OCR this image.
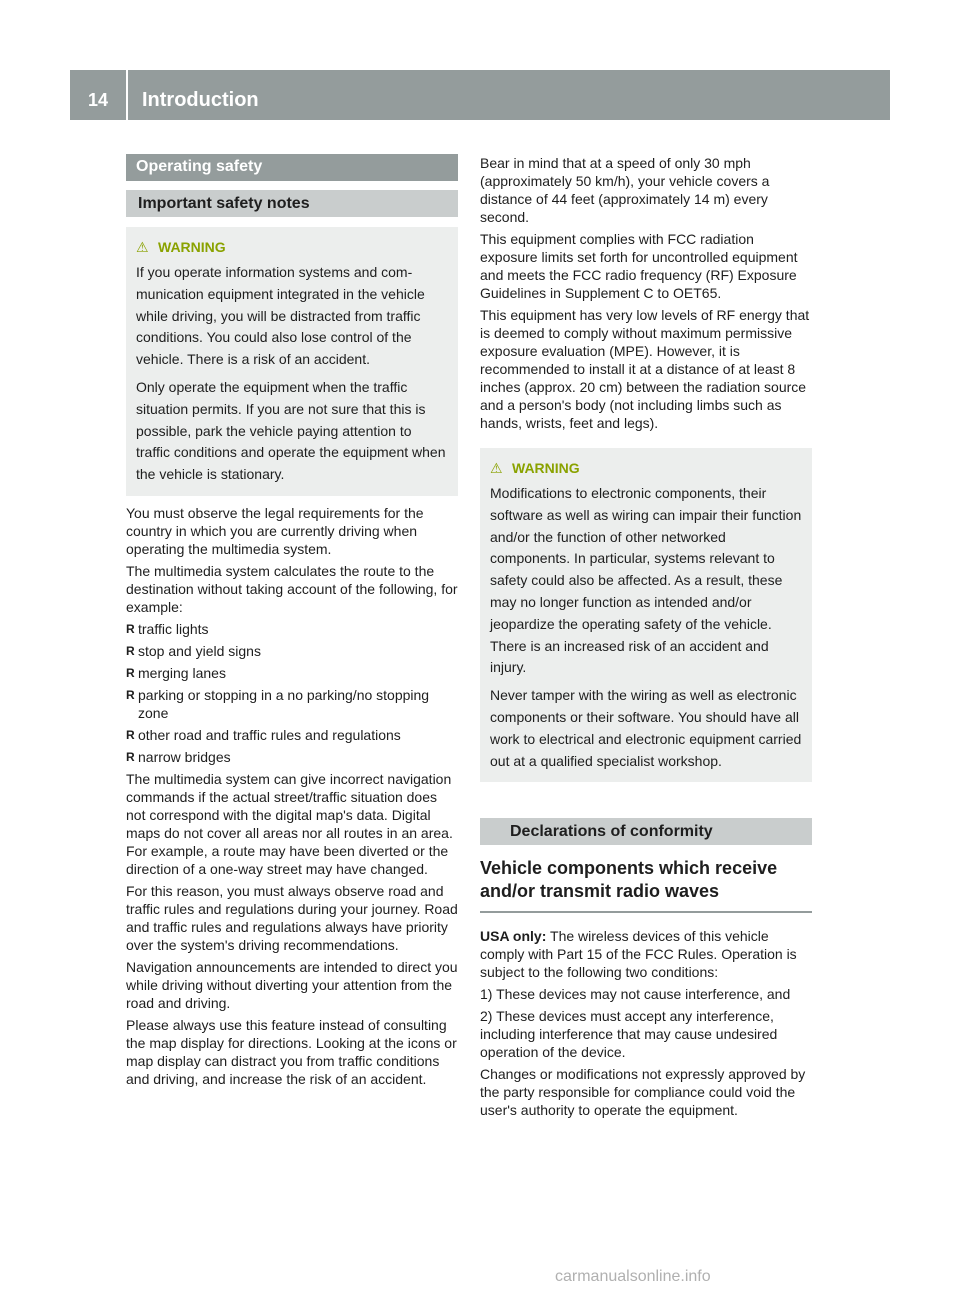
14	Introduction
Operating safety
Important safety notes
⚠ WARNING

If you operate information systems and communication equipment integrated in the vehicle while driving, you will be distracted from traffic conditions. You could also lose control of the vehicle. There is a risk of an accident.

Only operate the equipment when the traffic situation permits. If you are not sure that this is possible, park the vehicle paying attention to traffic conditions and operate the equipment when the vehicle is stationary.

You must observe the legal requirements for the country in which you are currently driving when operating the multimedia system.

The multimedia system calculates the route to the destination without taking account of the following, for example:

R traffic lights
R stop and yield signs
R merging lanes
R parking or stopping in a no parking/no stopping zone
R other road and traffic rules and regulations
R narrow bridges

The multimedia system can give incorrect navigation commands if the actual street/traffic situation does not correspond with the digital map's data. Digital maps do not cover all areas nor all routes in an area. For example, a route may have been diverted or the direction of a one-way street may have changed.

For this reason, you must always observe road and traffic rules and regulations during your journey. Road and traffic rules and regulations always have priority over the system's driving recommendations.

Navigation announcements are intended to direct you while driving without diverting your attention from the road and driving.

Please always use this feature instead of consulting the map display for directions. Looking at the icons or map display can distract you from traffic conditions and driving, and increase the risk of an accident.

Bear in mind that at a speed of only 30 mph (approximately 50 km/h), your vehicle covers a distance of 44 feet (approximately 14 m) every second.

This equipment complies with FCC radiation exposure limits set forth for uncontrolled equipment and meets the FCC radio frequency (RF) Exposure Guidelines in Supplement C to OET65.

This equipment has very low levels of RF energy that is deemed to comply without maximum permissive exposure evaluation (MPE). However, it is recommended to install it at a distance of at least 8 inches (approx. 20 cm) between the radiation source and a person's body (not including limbs such as hands, wrists, feet and legs).

⚠ WARNING

Modifications to electronic components, their software as well as wiring can impair their function and/or the function of other networked components. In particular, systems relevant to safety could also be affected. As a result, these may no longer function as intended and/or jeopardize the operating safety of the vehicle. There is an increased risk of an accident and injury.

Never tamper with the wiring as well as electronic components or their software. You should have all work to electrical and electronic equipment carried out at a qualified specialist workshop.

Declarations of conformity
Vehicle components which receive and/or transmit radio waves

USA only: The wireless devices of this vehicle comply with Part 15 of the FCC Rules. Operation is subject to the following two conditions:

1) These devices may not cause interference, and

2) These devices must accept any interference, including interference that may cause undesired operation of the device.

Changes or modifications not expressly approved by the party responsible for compliance could void the user's authority to operate the equipment.

carmanualsonline.info
